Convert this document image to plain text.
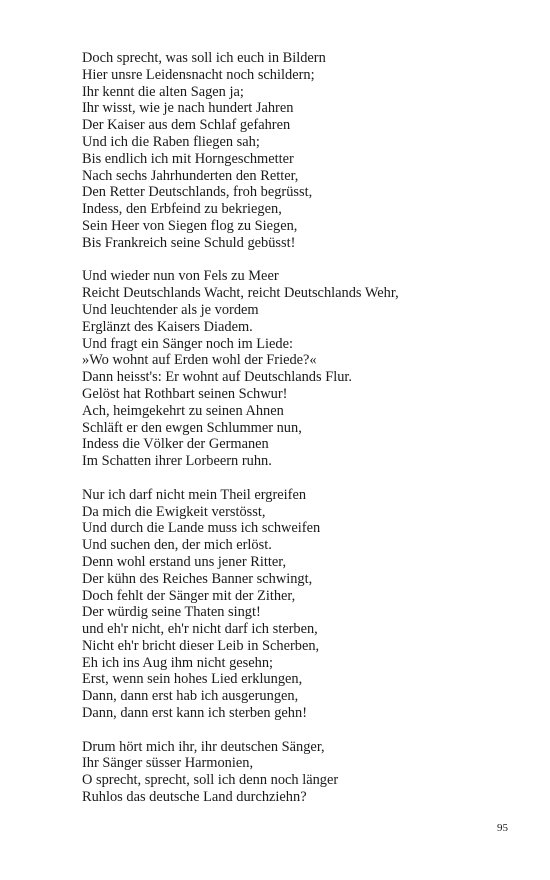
Doch sprecht, was soll ich euch in Bildern
Hier unsre Leidensnacht noch schildern;
Ihr kennt die alten Sagen ja;
Ihr wisst, wie je nach hundert Jahren
Der Kaiser aus dem Schlaf gefahren
Und ich die Raben fliegen sah;
Bis endlich ich mit Horngeschmetter
Nach sechs Jahrhunderten den Retter,
Den Retter Deutschlands, froh begrüsst,
Indess, den Erbfeind zu bekriegen,
Sein Heer von Siegen flog zu Siegen,
Bis Frankreich seine Schuld gebüsst!
Und wieder nun von Fels zu Meer
Reicht Deutschlands Wacht, reicht Deutschlands Wehr,
Und leuchtender als je vordem
Erglänzt des Kaisers Diadem.
Und fragt ein Sänger noch im Liede:
»Wo wohnt auf Erden wohl der Friede?«
Dann heisst's: Er wohnt auf Deutschlands Flur.
Gelöst hat Rothbart seinen Schwur!
Ach, heimgekehrt zu seinen Ahnen
Schläft er den ewgen Schlummer nun,
Indess die Völker der Germanen
Im Schatten ihrer Lorbeern ruhn.
Nur ich darf nicht mein Theil ergreifen
Da mich die Ewigkeit verstösst,
Und durch die Lande muss ich schweifen
Und suchen den, der mich erlöst.
Denn wohl erstand uns jener Ritter,
Der kühn des Reiches Banner schwingt,
Doch fehlt der Sänger mit der Zither,
Der würdig seine Thaten singt!
und eh'r nicht, eh'r nicht darf ich sterben,
Nicht eh'r bricht dieser Leib in Scherben,
Eh ich ins Aug ihm nicht gesehn;
Erst, wenn sein hohes Lied erklungen,
Dann, dann erst hab ich ausgerungen,
Dann, dann erst kann ich sterben gehn!
Drum hört mich ihr, ihr deutschen Sänger,
Ihr Sänger süsser Harmonien,
O sprecht, sprecht, soll ich denn noch länger
Ruhlos das deutsche Land durchziehn?
95
